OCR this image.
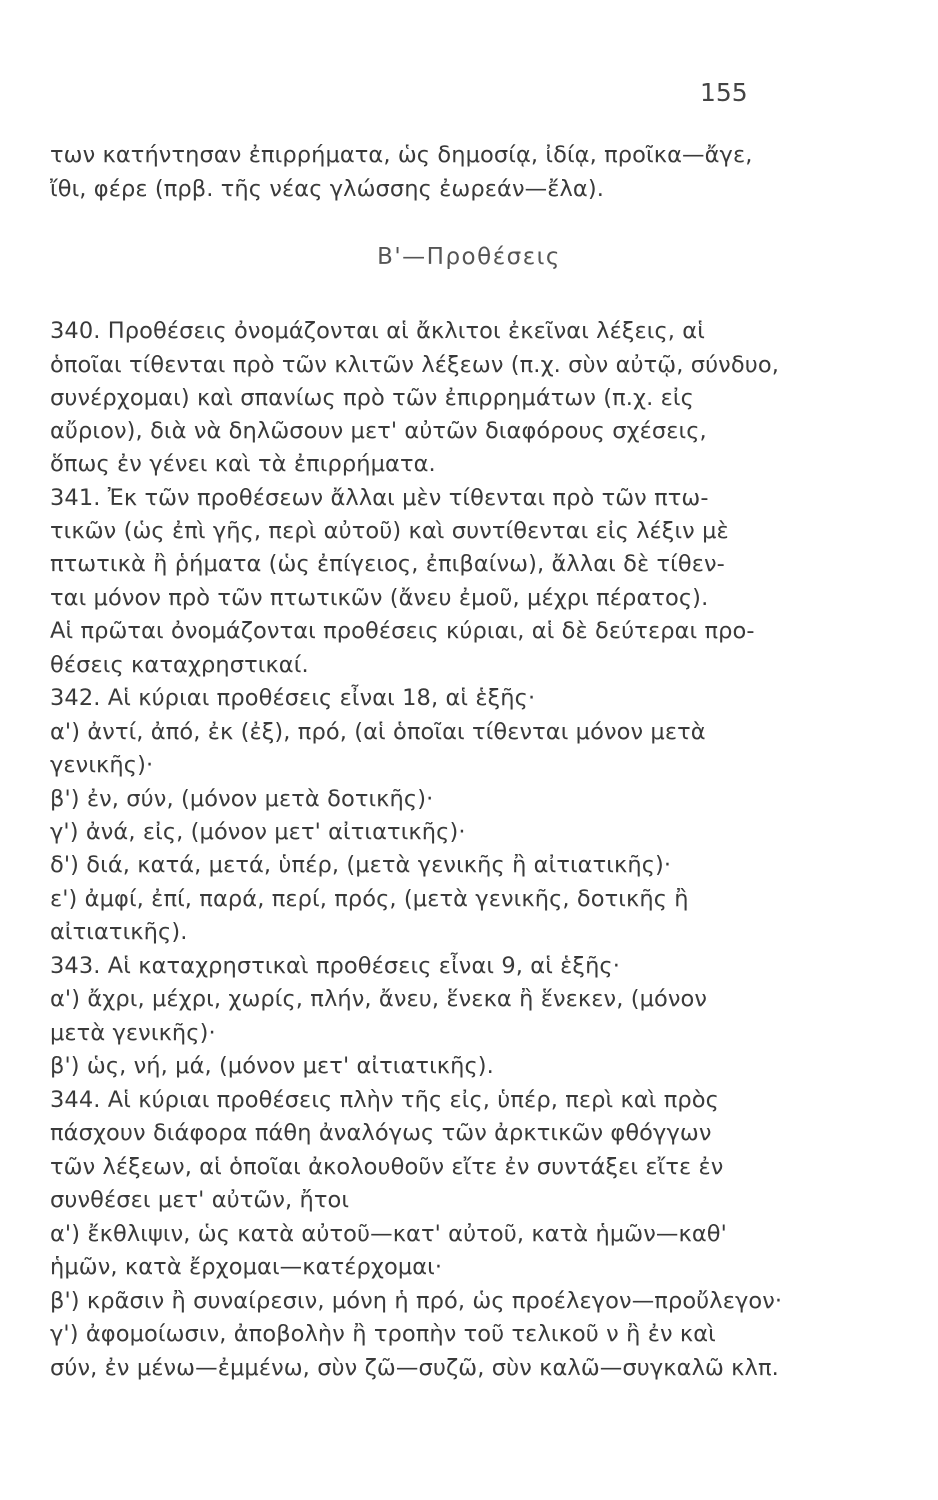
155
Β'—Προθέσεις
των κατήντησαν ἐπιρρήματα, ὡς δημοσίᾳ, ἰδίᾳ, προῖκα—ἄγε,
ἴθι, φέρε (πρβ. τῆς νέας γλώσσης ἐωρεάν—ἔλα).
340. Προθέσεις ὀνομάζονται αἱ ἄκλιτοι ἐκεῖναι λέξεις, αἱ
ὁποῖαι τίθενται πρὸ τῶν κλιτῶν λέξεων (π.χ. σὺν αὐτῷ, σύνδυο,
συνέρχομαι) καὶ σπανίως πρὸ τῶν ἐπιρρημάτων (π.χ. εἰς
αὔριον), διὰ νὰ δηλῶσουν μετ' αὐτῶν διαφόρους σχέσεις,
ὅπως ἐν γένει καὶ τὰ ἐπιρρήματα.
341. Ἐκ τῶν προθέσεων ἄλλαι μὲν τίθενται πρὸ τῶν πτω-
τικῶν (ὡς ἐπὶ γῆς, περὶ αὐτοῦ) καὶ συντίθενται εἰς λέξιν μὲ
πτωτικὰ ἢ ῥήματα (ὡς ἐπίγειος, ἐπιβαίνω), ἄλλαι δὲ τίθεν-
ται μόνον πρὸ τῶν πτωτικῶν (ἄνευ ἐμοῦ, μέχρι πέρατος).
Αἱ πρῶται ὀνομάζονται προθέσεις κύριαι, αἱ δὲ δεύτεραι προ-
θέσεις καταχρηστικαί.
342. Αἱ κύριαι προθέσεις εἶναι 18, αἱ ἑξῆς·
α') ἀντί, ἀπό, ἐκ (ἐξ), πρό, (αἱ ὁποῖαι τίθενται μόνον μετὰ
γενικῆς)·
β') ἐν, σύν, (μόνον μετὰ δοτικῆς)·
γ') ἀνά, εἰς, (μόνον μετ' αἰτιατικῆς)·
δ') διά, κατά, μετά, ὑπέρ, (μετὰ γενικῆς ἢ αἰτιατικῆς)·
ε') ἀμφί, ἐπί, παρά, περί, πρός, (μετὰ γενικῆς, δοτικῆς ἢ
αἰτιατικῆς).
343. Αἱ καταχρηστικαὶ προθέσεις εἶναι 9, αἱ ἑξῆς·
α') ἄχρι, μέχρι, χωρίς, πλήν, ἄνευ, ἕνεκα ἢ ἕνεκεν, (μόνον
μετὰ γενικῆς)·
β') ὡς, νή, μά, (μόνον μετ' αἰτιατικῆς).
344. Αἱ κύριαι προθέσεις πλὴν τῆς εἰς, ὑπέρ, περὶ καὶ πρὸς
πάσχουν διάφορα πάθη ἀναλόγως τῶν ἀρκτικῶν φθόγγων
τῶν λέξεων, αἱ ὁποῖαι ἀκολουθοῦν εἴτε ἐν συντάξει εἴτε ἐν
συνθέσει μετ' αὐτῶν, ἤτοι
α') ἔκθλιψιν, ὡς κατὰ αὐτοῦ—κατ' αὐτοῦ, κατὰ ἡμῶν—καθ'
ἡμῶν, κατὰ ἔρχομαι—κατέρχομαι·
β') κρᾶσιν ἢ συναίρεσιν, μόνη ἡ πρό, ὡς προέλεγον—προὔλεγον·
γ') ἀφομοίωσιν, ἀποβολὴν ἢ τροπὴν τοῦ τελικοῦ ν ἢ ἐν καὶ
σύν, ἐν μένω—ἐμμένω, σὺν ζῶ—συζῶ, σὺν καλῶ—συγκαλῶ κλπ.
